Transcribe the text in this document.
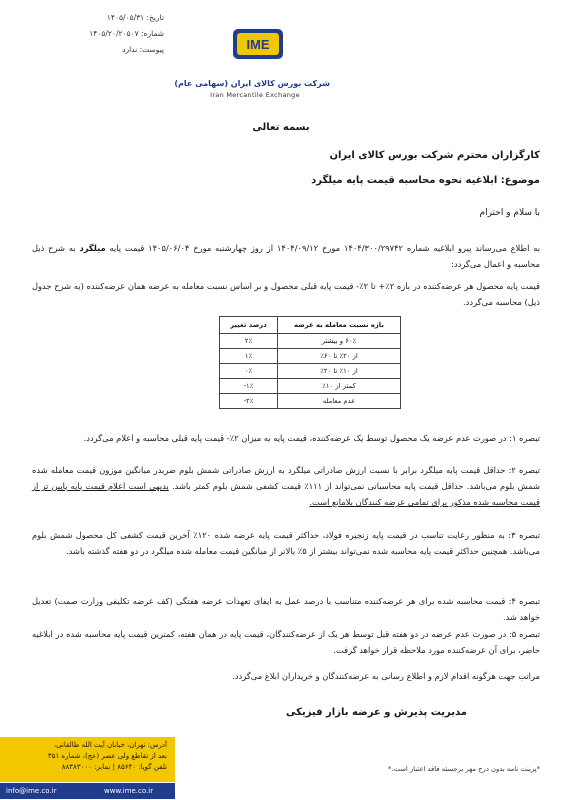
تاریخ: ۱۴۰۵/۰۵/۳۱
شماره: ۱۴۰۵/۲۰/۲۰۵۰۷
پیوست: ندارد	IME
شرکت بورس کالای ایران (سهامی عام)
Iran Mercantile Exchange
بسمه تعالی
کارگزاران محترم شرکت بورس کالای ایران
موضوع: ابلاغیه نحوه محاسبه قیمت پایه میلگرد
با سلام و احترام
به اطلاع می‌رساند پیرو ابلاغیه شماره ۱۴۰۴/۳۰۰/۲۹۷۴۲ مورخ ۱۴۰۴/۰۹/۱۲ از روز چهارشنبه مورخ ۱۴۰۵/۰۶/۰۴ قیمت پایه میلگرد به شرح ذیل محاسبه و اعمال می‌گردد:
قیمت پایه محصول هر عرضه‌کننده در بازه ۲٪+ تا ۲٪- قیمت پایه قبلی محصول و بر اساس نسبت معامله به عرضه همان عرضه‌کننده (به شرح جدول ذیل) محاسبه می‌گردد.
بازه نسبت معامله به عرضه	درصد تغییر
۶۰٪ و بیشتر	۲٪
از ۲۰٪ تا ۶۰٪	۱٪
از ۱۰٪ تا ۲۰٪	۰٪
کمتر از ۱۰٪	۱٪-
عدم معامله	۲٪-
تبصره ۱: در صورت عدم عرضه یک محصول توسط یک عرضه‌کننده، قیمت پایه به میزان ۲٪- قیمت پایه قبلی محاسبه و اعلام می‌گردد.
تبصره ۲: حداقل قیمت پایه میلگرد برابر با نسبت ارزش صادراتی میلگرد به ارزش صادراتی شمش بلوم ضربدر میانگین موزون قیمت معامله شده شمش بلوم می‌باشد. حداقل قیمت پایه محاسباتی نمی‌تواند از ۱۱۱٪ قیمت کشفی شمش بلوم کمتر باشد. بدیهی است اعلام قیمت پایه پایین تر از قیمت محاسبه شده مذکور برای تمامی عرضه کنندگان بلامانع است.
تبصره ۳: به منظور رعایت تناسب در قیمت پایه زنجیره فولاد، حداکثر قیمت پایه عرضه شده ۱۲۰٪ آخرین قیمت کشفی کل محصول شمش بلوم می‌باشد. همچنین حداکثر قیمت پایه محاسبه شده نمی‌تواند بیشتر از ۵٪ بالاتر از میانگین قیمت معامله شده میلگرد در دو هفته گذشته باشد.
تبصره ۴: قیمت محاسبه شده برای هر عرضه‌کننده متناسب با درصد عمل به ایفای تعهدات عرضه هفتگی (کف عرضه تکلیفی وزارت صمت) تعدیل خواهد شد.
تبصره ۵: در صورت عدم عرضه در دو هفته قبل توسط هر یک از عرضه‌کنندگان، قیمت پایه در همان هفته، کمترین قیمت پایه محاسبه شده در ابلاغیه حاضر، برای آن عرضه‌کننده مورد ملاحظه قرار خواهد گرفت.
مراتب جهت هرگونه اقدام لازم و اطلاع رسانی به عرضه‌کنندگان و خریداران ابلاغ می‌گردد.
مدیریت پذیرش و عرضه بازار فیزیکی
آدرس: تهران، خیابان آیت الله طالقانی،
بعد از تقاطع ولی عصر (عج)، شماره ۳۵۱
تلفن گویا: ۸۵۶۴۰ | نمابر: ۸۸۳۸۳۰۰۰
info@ime.co.ir	www.ime.co.ir
*پرینت نامه بدون درج مهر برجسته فاقد اعتبار است.*
